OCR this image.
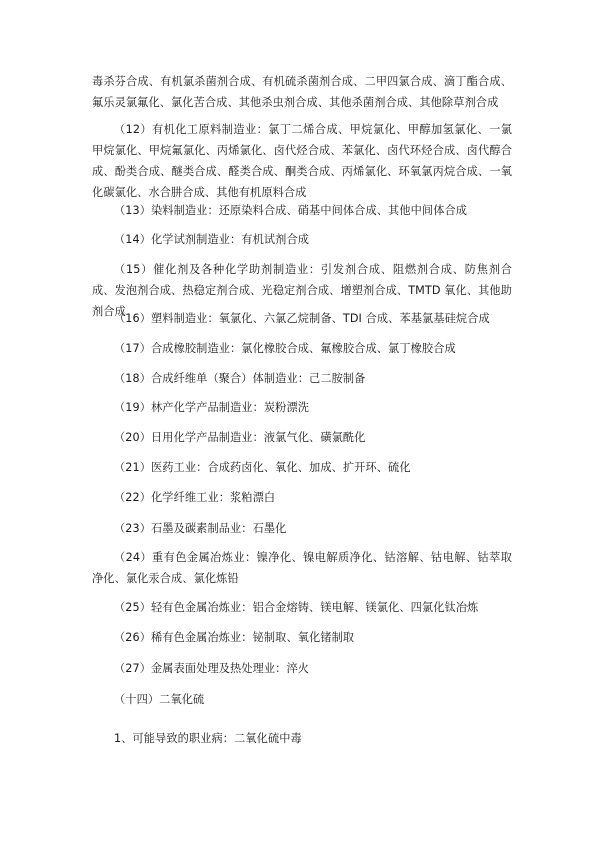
毒杀芬合成、有机氯杀菌剂合成、有机硫杀菌剂合成、二甲四氯合成、滴丁酯合成、氟乐灵氯氟化、氯化苦合成、其他杀虫剂合成、其他杀菌剂合成、其他除草剂合成

（12）有机化工原料制造业：氯丁二烯合成、甲烷氯化、甲醇加氢氯化、一氯甲烷氯化、甲烷氟氯化、丙烯氯化、卤代烃合成、苯氯化、卤代环烃合成、卤代醇合成、酚类合成、醚类合成、醛类合成、酮类合成、丙烯氯化、环氧氯丙烷合成、一氧化碳氯化、水合肼合成、其他有机原料合成

（13）染料制造业：还原染料合成、硝基中间体合成、其他中间体合成

（14）化学试剂制造业：有机试剂合成

（15）催化剂及各种化学助剂制造业：引发剂合成、阻燃剂合成、防焦剂合成、发泡剂合成、热稳定剂合成、光稳定剂合成、增塑剂合成、TMTD 氧化、其他助剂合成

（16）塑料制造业：氧氯化、六氯乙烷制备、TDI 合成、苯基氯基硅烷合成

（17）合成橡胶制造业：氯化橡胶合成、氟橡胶合成、氯丁橡胶合成

（18）合成纤维单（聚合）体制造业：己二胺制备

（19）林产化学产品制造业：炭粉漂洗

（20）日用化学产品制造业：液氯气化、磺氯酰化

（21）医药工业：合成药卤化、氧化、加成、扩开环、硫化

（22）化学纤维工业：浆粕漂白

（23）石墨及碳素制品业：石墨化

（24）重有色金属冶炼业：镍净化、镍电解质净化、钴溶解、钴电解、钴萃取净化、氯化汞合成、氯化炼铅

（25）轻有色金属冶炼业：铝合金熔铸、镁电解、镁氯化、四氯化钛冶炼

（26）稀有色金属冶炼业：铋制取、氧化锗制取

（27）金属表面处理及热处理业：淬火

（十四）二氧化硫

1、可能导致的职业病：二氧化硫中毒
